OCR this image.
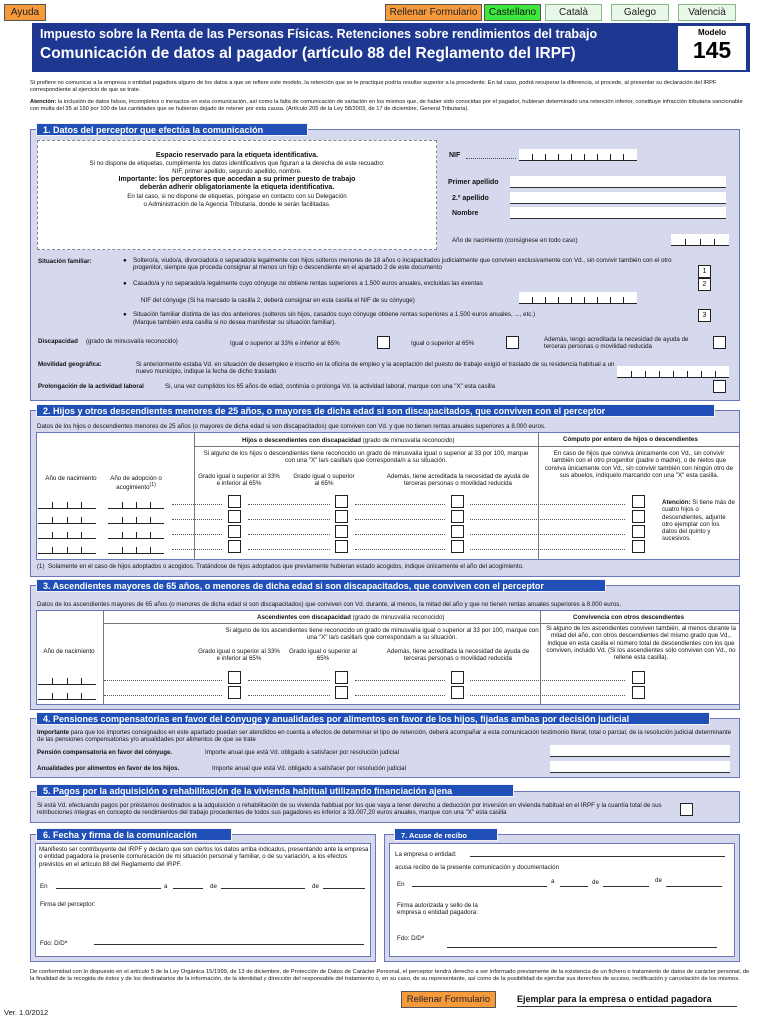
Ayuda	Rellenar Formulario	Castellano	Català	Galego	Valencià
Impuesto sobre la Renta de las Personas Físicas. Retenciones sobre rendimientos del trabajo
Comunicación de datos al pagador (artículo 88 del Reglamento del IRPF)
Modelo
145
Si prefiere no comunicar a la empresa o entidad pagadora alguno de los datos a que se refiere este modelo, la retención que se le practique podría resultar superior a la procedente. En tal caso, podrá recuperar la diferencia, si procede, al presentar su declaración del IRPF correspondiente al ejercicio de que se trate.
Atención: la inclusión de datos falsos, incompletos o inexactos en esta comunicación, así como la falta de comunicación de variación en los mismos que, de haber sido conocidas por el pagador, hubieran determinado una retención inferior, constituye infracción tributaria sancionable con multa del 35 al 150 por 100 de las cantidades que se hubieran dejado de retener por esta causa. (Artículo 205 de la Ley 58/2003, de 17 de diciembre, General Tributaria).
1. Datos del perceptor que efectúa la comunicación
Espacio reservado para la etiqueta identificativa.
Si no dispone de etiquetas, cumplimente los datos identificativos que figuran a la derecha de este recuadro:
NIF, primer apellido, segundo apellido, nombre.
Importante: los perceptores que accedan a su primer puesto de trabajo
deberán adherir obligatoriamente la etiqueta identificativa.
En tal caso, si no dispone de etiquetas, póngase en contacto con su Delegación
o Administración de la Agencia Tributaria, donde le serán facilitadas.
NIF
Primer apellido
2.º apellido
Nombre
Año de nacimiento (consignese en todo caso)
Situación familiar:	● Soltero/a, viudo/a, divorciado/a o separado/a legalmente con hijos solteros menores de 18 años o incapacitados judicialmente que conviven exclusivamente con Vd., sin convivir también con el otro progenitor, siempre que proceda consignar al menos un hijo o descendiente en el apartado 2 de este documento
1
● Casado/a y no separado/a legalmente cuyo cónyuge no obtiene rentas superiores a 1.500 euros anuales, excluidas las exentas	2
NIF del cónyuge (Si ha marcado la casilla 2, deberá consignar en esta casilla el NIF de su cónyuge)
● Situación familiar distinta de las dos anteriores (solteros sin hijos, casados cuyo cónyuge obtiene rentas superiores a 1.500 euros anuales, ..., etc.)
(Marque también esta casilla si no desea manifestar su situación familiar).
3
Discapacidad (grado de minusvalía reconocido)	Igual o superior al 33% e inferior al 65%	Igual o superior al 65%
Además, tengo acreditada la necesidad de ayuda de terceras personas o movilidad reducida
Movilidad geográfica:	Si anteriormente estaba Vd. en situación de desempleo e inscrito en la oficina de empleo y la aceptación del puesto de trabajo exigió el traslado de su residencia habitual a un nuevo municipio, indique la fecha de dicho traslado
Prolongación de la actividad laboral	Si, una vez cumplidos los 65 años de edad, continúa o prolonga Vd. la actividad laboral, marque con una "X" esta casilla
2. Hijos y otros descendientes menores de 25 años, o mayores de dicha edad si son discapacitados, que conviven con el perceptor
Datos de los hijos o descendientes menores de 25 años (o mayores de dicha edad si son discapacitados) que conviven con Vd. y que no tienen rentas anuales superiores a 8.000 euros.
Hijos o descendientes con discapacidad (grado de minusvalía reconocido)	Cómputo por entero de hijos o descendientes
Si alguno de los hijos o descendientes tiene reconocido un grado de minusvalía igual o superior al 33 por 100, marque con una "X" la/s casilla/s que corresponda/n a su situación.
En caso de hijos que conviva únicamente con Vd., sin convivir también con el otro progenitor (padre o madre), o de nietos que conviva únicamente con Vd., sin convivir también con ningún otro de sus abuelos, indíquelo marcando con una "X" esta casilla.
Año de nacimiento	Año de adopción o acogimiento$^{(1)}$
Grado igual o superior al 33% e inferior al 65%
Grado igual o superior al 65%
Además, tiene acreditada la necesidad de ayuda de terceras personas o movilidad reducida
Atención: Si tiene más de cuatro hijos o descendientes, adjunte otro ejemplar con los datos del quinto y sucesivos.
(1) Solamente en el caso de hijos adoptados o acogidos. Tratándose de hijos adoptados que previamente hubieran estado acogidos, indique únicamente el año del acogimiento.
3. Ascendientes mayores de 65 años, o menores de dicha edad si son discapacitados, que conviven con el perceptor
Datos de los ascendientes mayores de 65 años (o menores de dicha edad si son discapacitados) que conviven con Vd. durante, al menos, la mitad del año y que no tienen rentas anuales superiores a 8.000 euros.
Ascendientes con discapacidad (grado de minusvalía reconocido)	Convivencia con otros descendientes
Si alguno de los ascendientes tiene reconocido un grado de minusvalía igual o superior al 33 por 100, marque con una "X" la/s casilla/s que corresponda/n a su situación.
Si alguno de los ascendientes conviven también, al menos durante la mitad del año, con otros descendientes del mismo grado que Vd., indique en esta casilla el número total de descendientes con los que conviven, incluido Vd. (Si los ascendientes sólo conviven con Vd., no rellene esta casilla).
Año de nacimiento	Grado igual o superior al 33% e inferior al 65%
Grado igual o superior al 65%
Además, tiene acreditada la necesidad de ayuda de terceras personas o movilidad reducida
4. Pensiones compensatorias en favor del cónyuge y anualidades por alimentos en favor de los hijos, fijadas ambas por decisión judicial
Importante para que los importes consignados en este apartado puedan ser atendidos en cuenta a efectos de determinar el tipo de retención, deberá acompañar a esta comunicación testimonio literal, total o parcial, de la resolución judicial determinante de las pensiones compensatorias y/o anualidades por alimentos de que se trate
Pensión compensatoria en favor del cónyuge.	Importe anual que está Vd. obligado a satisfacer por resolución judicial
Anualidades por alimentos en favor de los hijos.	Importe anual que está Vd. obligado a satisfacer por resolución judicial
5. Pagos por la adquisición o rehabilitación de la vivienda habitual utilizando financiación ajena
Si está Vd. efectuando pagos por préstamos destinados a la adquisición o rehabilitación de su vivienda habitual por los que vaya a tener derecho a deducción por inversión en vivienda habitual en el IRPF y la cuantía total de sus retribuciones íntegras en concepto de rendimientos del trabajo procedentes de todos sus pagadores es inferior a 33.007,20 euros anuales, marque con una "X" esta casilla
6. Fecha y firma de la comunicación
Manifiesto ser contribuyente del IRPF y declaro que son ciertos los datos arriba indicados, presentando ante la empresa o entidad pagadora la presente comunicación de mi situación personal y familiar, o de su variación, a los efectos previstos en el artículo 88 del Reglamento del IRPF.
En	a	de	de
Firma del perceptor:
Fdo: D/Dª
7. Acuse de recibo
La empresa o entidad:
acusa recibo de la presente comunicación y documentación
En	a	de	de
Firma autorizada y sello de la empresa o entidad pagadora:
Fdo: D/Dª
De conformidad con lo dispuesto en el artículo 5 de la Ley Orgánica 15/1999, de 13 de diciembre, de Protección de Datos de Carácter Personal, el perceptor tendrá derecho a ser informado previamente de la existencia de un fichero o tratamiento de datos de carácter personal, de la finalidad de la recogida de éstos y de los destinatarios de la información, de la identidad y dirección del responsable del tratamiento o, en su caso, de su representante, así como de la posibilidad de ejercitar sus derechos de acceso, rectificación y cancelación de los mismos.
Rellenar Formulario	Ejemplar para la empresa o entidad pagadora
Ver. 1.0/2012
